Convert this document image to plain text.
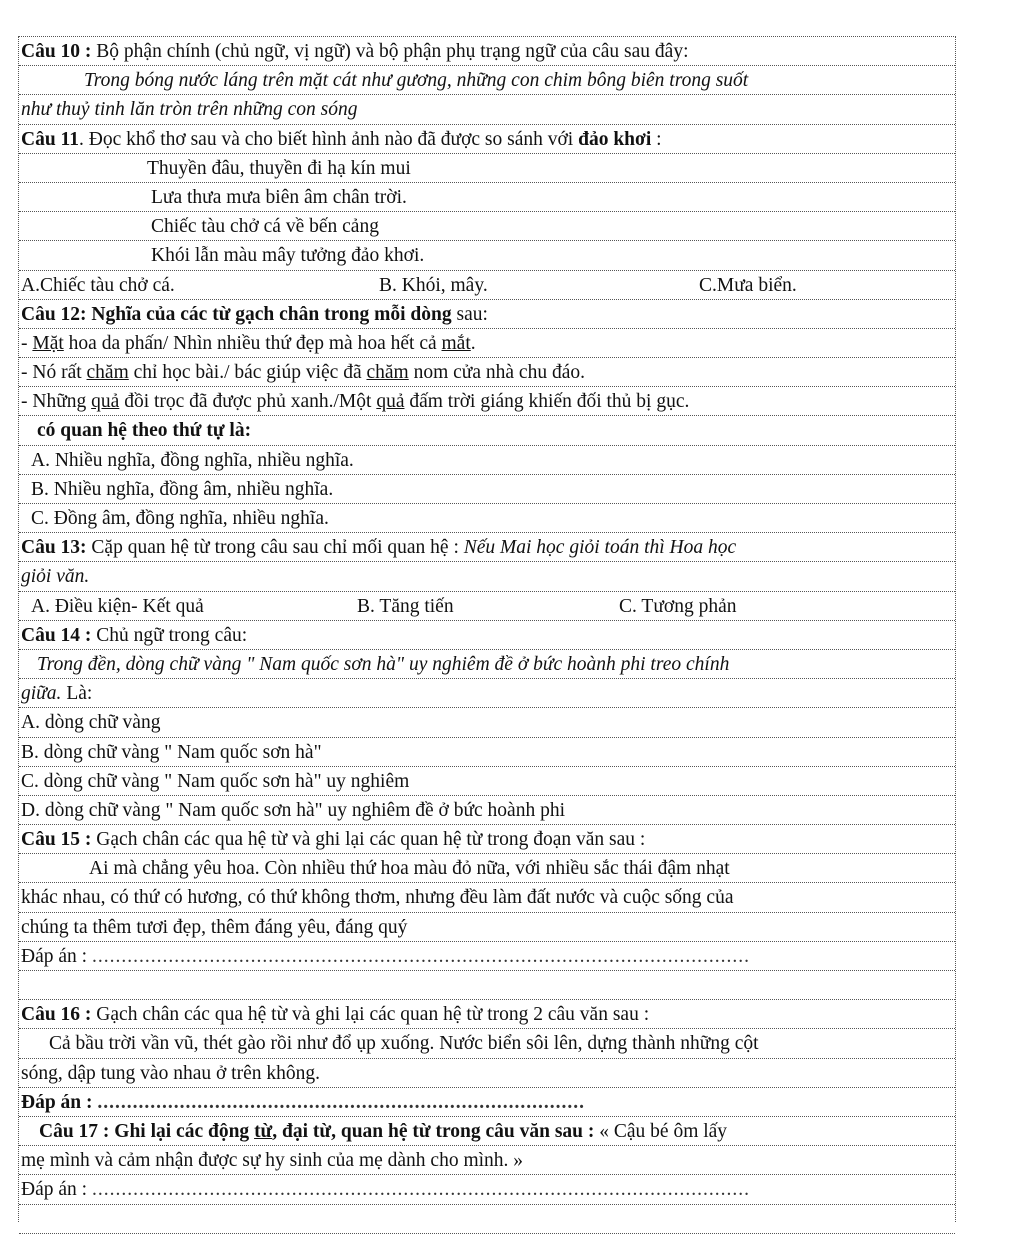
Câu 10 : Bộ phận chính (chủ ngữ, vị ngữ) và bộ phận phụ trạng ngữ của câu sau đây:
Trong bóng nước láng trên mặt cát như gương, những con chim bông biên trong suốt
như thuỷ tinh lăn tròn trên những con sóng
Câu 11. Đọc khổ thơ sau và cho biết hình ảnh nào đã được so sánh với đảo khơi :
Thuyền đâu, thuyền đi hạ kín mui
Lưa thưa mưa biên âm chân trời.
Chiếc tàu chở cá về bến cảng
Khói lẫn màu mây tưởng đảo khơi.
A.Chiếc tàu chở cá.	B. Khói, mây.	C.Mưa biển.
Câu 12: Nghĩa của các từ gạch chân trong mỗi dòng sau:
- Mặt hoa da phấn/ Nhìn nhiều thứ đẹp mà hoa hết cả mắt.
- Nó rất chăm chỉ học bài./ bác giúp việc đã chăm nom cửa nhà chu đáo.
- Những quả đồi trọc đã được phủ xanh./Một quả đấm trời giáng khiến đối thủ bị gục.
có quan hệ theo thứ tự là:
A. Nhiều nghĩa, đồng nghĩa, nhiều nghĩa.
B. Nhiều nghĩa, đồng âm, nhiều nghĩa.
C. Đồng âm, đồng nghĩa, nhiều nghĩa.
Câu 13: Cặp quan hệ từ trong câu sau chỉ mối quan hệ : Nếu Mai học giỏi toán thì Hoa học
giỏi văn.
A. Điều kiện- Kết quả	B. Tăng tiến	C. Tương phản
Câu 14 : Chủ ngữ trong câu:
Trong đền, dòng chữ vàng " Nam quốc sơn hà" uy nghiêm đề ở bức hoành phi treo chính
giữa. Là:
A. dòng chữ vàng
B. dòng chữ vàng " Nam quốc sơn hà"
C. dòng chữ vàng " Nam quốc sơn hà" uy nghiêm
D. dòng chữ vàng " Nam quốc sơn hà" uy nghiêm đề ở bức hoành phi
Câu 15 : Gạch chân các qua hệ từ và ghi lại các quan hệ từ trong đoạn văn sau :
Ai mà chẳng yêu hoa. Còn nhiều thứ hoa màu đỏ nữa, với nhiều sắc thái đậm nhạt
khác nhau, có thứ có hương, có thứ không thơm, nhưng đều làm đất nước và cuộc sống của
chúng ta thêm tươi đẹp, thêm đáng yêu, đáng quý
Đáp án : ................................................................................................................
Câu 16 : Gạch chân các qua hệ từ và ghi lại các quan hệ từ trong 2 câu văn sau :
Cả bầu trời vần vũ, thét gào rồi như đổ ụp xuống. Nước biển sôi lên, dựng thành những cột
sóng, dập tung vào nhau ở trên không.
Đáp án : ...................................................................................
Câu 17 : Ghi lại các động từ, đại từ, quan hệ từ trong câu văn sau : « Cậu bé ôm lấy
mẹ mình và cảm nhận được sự hy sinh của mẹ dành cho mình. »
Đáp án : ................................................................................................................
